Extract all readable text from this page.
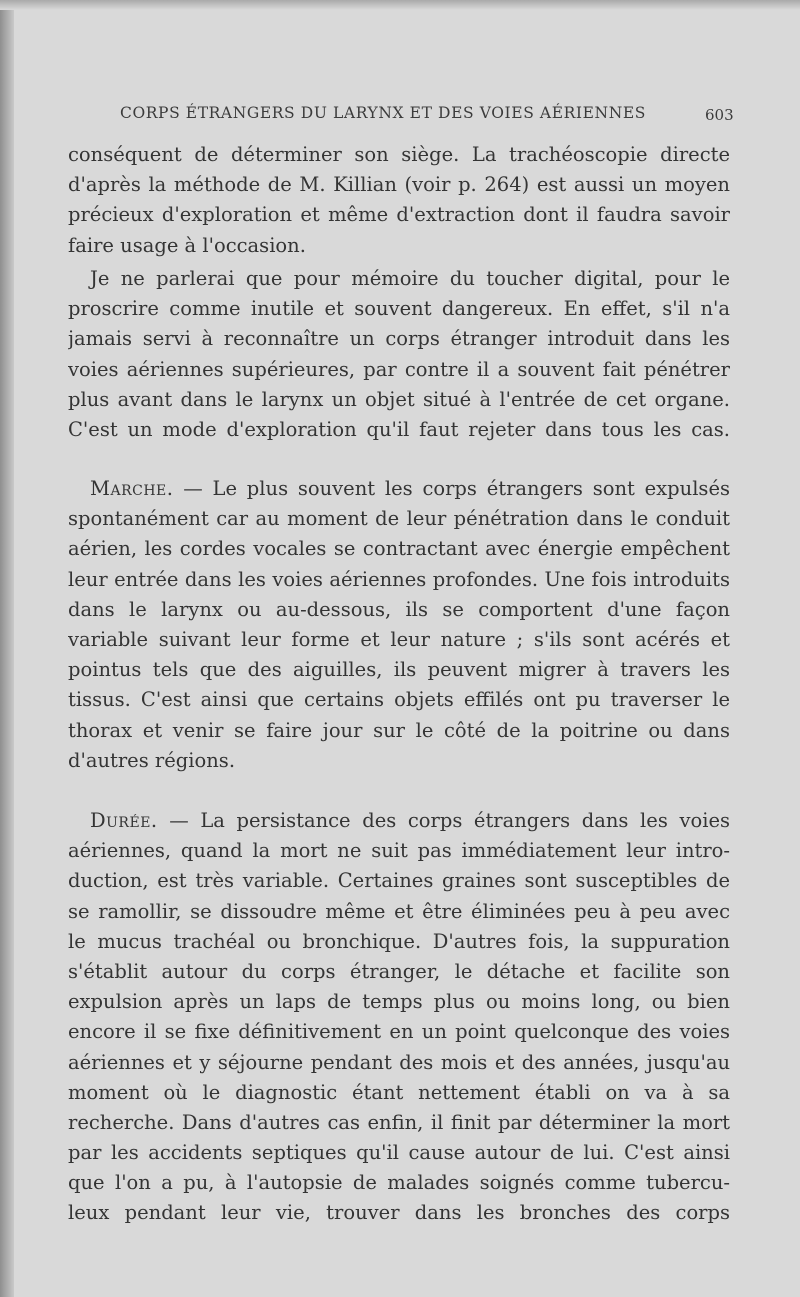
CORPS ÉTRANGERS DU LARYNX ET DES VOIES AÉRIENNES	603
conséquent de déterminer son siège. La trachéoscopie directe
d'après la méthode de M. Killian (voir p. 264) est aussi un moyen
précieux d'exploration et même d'extraction dont il faudra savoir
faire usage à l'occasion.
Je ne parlerai que pour mémoire du toucher digital, pour le
proscrire comme inutile et souvent dangereux. En effet, s'il n'a
jamais servi à reconnaître un corps étranger introduit dans les
voies aériennes supérieures, par contre il a souvent fait pénétrer
plus avant dans le larynx un objet situé à l'entrée de cet organe.
C'est un mode d'exploration qu'il faut rejeter dans tous les cas.
Marche. — Le plus souvent les corps étrangers sont expulsés
spontanément car au moment de leur pénétration dans le conduit
aérien, les cordes vocales se contractant avec énergie empêchent
leur entrée dans les voies aériennes profondes. Une fois introduits
dans le larynx ou au-dessous, ils se comportent d'une façon
variable suivant leur forme et leur nature ; s'ils sont acérés et
pointus tels que des aiguilles, ils peuvent migrer à travers les
tissus. C'est ainsi que certains objets effilés ont pu traverser le
thorax et venir se faire jour sur le côté de la poitrine ou dans
d'autres régions.
Durée. — La persistance des corps étrangers dans les voies
aériennes, quand la mort ne suit pas immédiatement leur intro-
duction, est très variable. Certaines graines sont susceptibles de
se ramollir, se dissoudre même et être éliminées peu à peu avec
le mucus trachéal ou bronchique. D'autres fois, la suppuration
s'établit autour du corps étranger, le détache et facilite son
expulsion après un laps de temps plus ou moins long, ou bien
encore il se fixe définitivement en un point quelconque des voies
aériennes et y séjourne pendant des mois et des années, jusqu'au
moment où le diagnostic étant nettement établi on va à sa
recherche. Dans d'autres cas enfin, il finit par déterminer la mort
par les accidents septiques qu'il cause autour de lui. C'est ainsi
que l'on a pu, à l'autopsie de malades soignés comme tubercu-
leux pendant leur vie, trouver dans les bronches des corps
